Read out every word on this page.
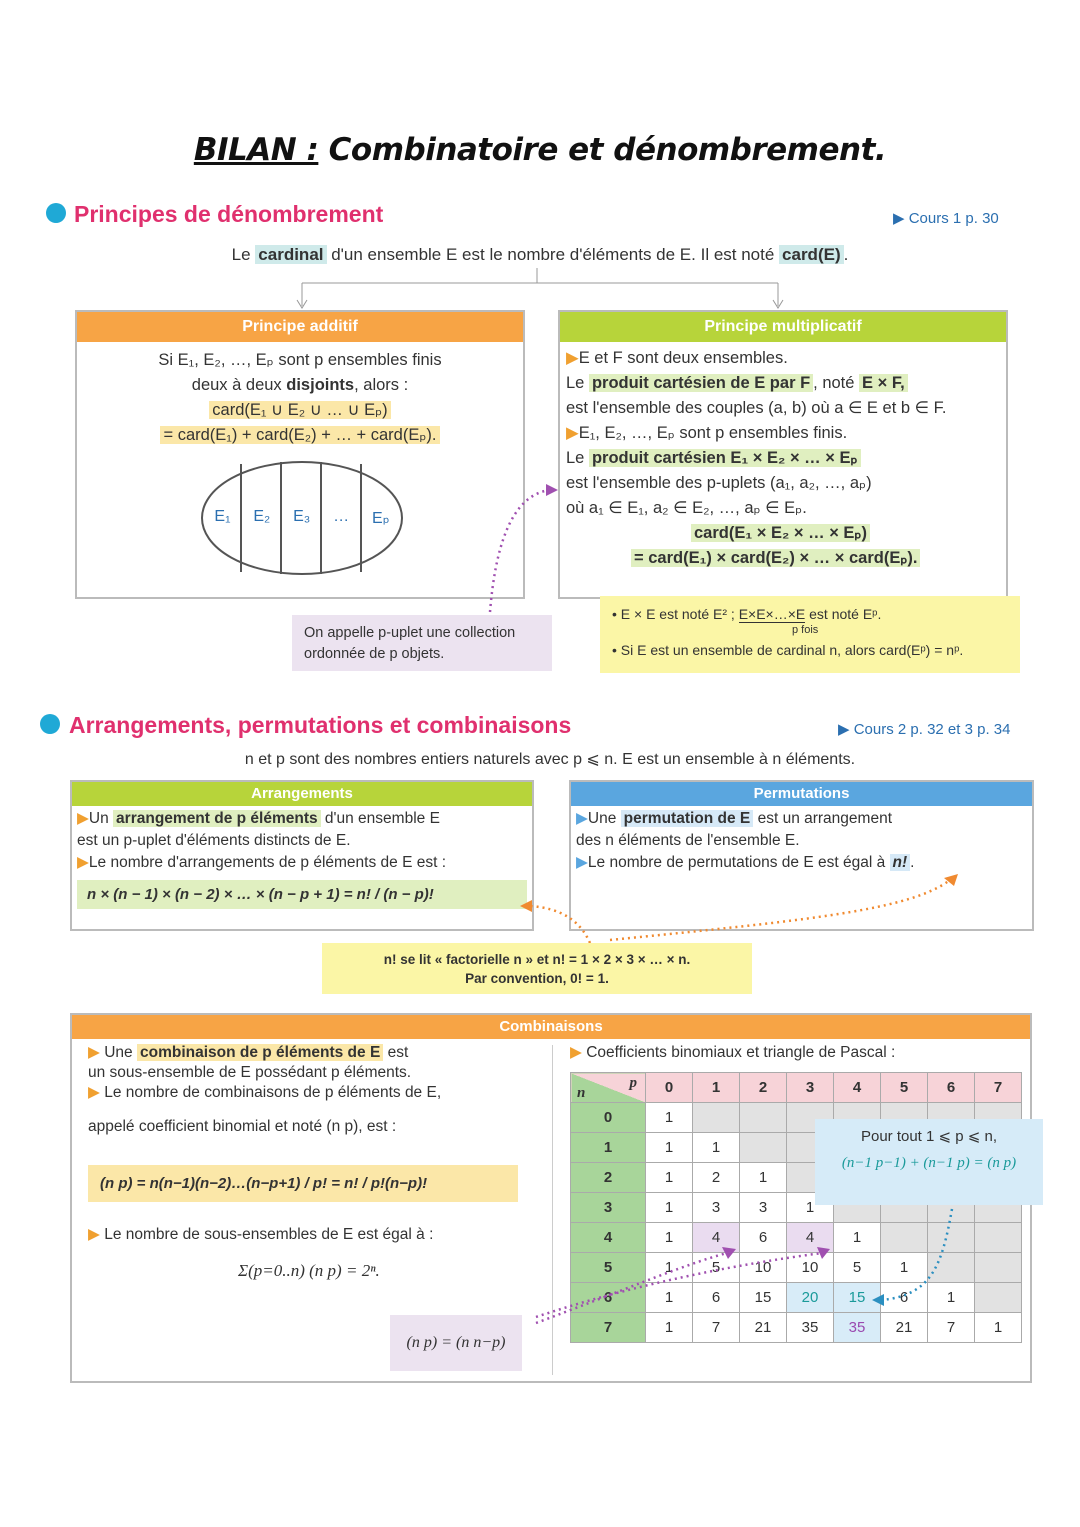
BILAN : Combinatoire et dénombrement.
Principes de dénombrement	▶ Cours 1 p. 30
Le cardinal d'un ensemble E est le nombre d'éléments de E. Il est noté card(E) .
Principe additif
Si E₁, E₂, …, Eₚ sont p ensembles finis
deux à deux disjoints, alors :
card(E₁ ∪ E₂ ∪ … ∪ Eₚ)
= card(E₁) + card(E₂) + … + card(Eₚ).
E₁ E₂ E₃ … Eₚ
Principe multiplicatif
▶E et F sont deux ensembles.
Le produit cartésien de E par F , noté E × F,
est l'ensemble des couples (a, b) où a ∈ E et b ∈ F.
▶E₁, E₂, …, Eₚ sont p ensembles finis.
Le produit cartésien E₁ × E₂ × … × Eₚ
est l'ensemble des p-uplets (a₁, a₂, …, aₚ)
où a₁ ∈ E₁, a₂ ∈ E₂, …, aₚ ∈ Eₚ.
card(E₁ × E₂ × … × Eₚ)
= card(E₁) × card(E₂) × … × card(Eₚ).
On appelle p-uplet une collection
ordonnée de p objets.
• E × E est noté E² ; E×E×…×E est noté Eᵖ.
p fois
• Si E est un ensemble de cardinal n, alors card(Eᵖ) = nᵖ.
Arrangements, permutations et combinaisons	▶ Cours 2 p. 32 et 3 p. 34
n et p sont des nombres entiers naturels avec p ⩽ n. E est un ensemble à n éléments.
Arrangements
▶Un arrangement de p éléments d'un ensemble E
est un p-uplet d'éléments distincts de E.
▶Le nombre d'arrangements de p éléments de E est :
n × (n − 1) × (n − 2) × … × (n − p + 1) = n! / (n − p)!
Permutations
▶Une permutation de E est un arrangement
des n éléments de l'ensemble E.
▶Le nombre de permutations de E est égal à n! .
n! se lit « factorielle n » et n! = 1 × 2 × 3 × … × n.
Par convention, 0! = 1.
Combinaisons
▶ Une combinaison de p éléments de E est
un sous-ensemble de E possédant p éléments.
▶ Le nombre de combinaisons de p éléments de E,
appelé coefficient binomial et noté (n p), est :
(n p) = n(n−1)(n−2)…(n−p+1) / p! = n! / p!(n−p)!
▶ Le nombre de sous-ensembles de E est égal à :
Σ(p=0..n) (n p) = 2ⁿ.
(n p) = (n n−p)
▶ Coefficients binomiaux et triangle de Pascal :
p
n	0	1	2	3	4	5	6	7
0	1							
1	1	1						
2	1	2	1					
3	1	3	3	1				
4	1	4	6	4	1			
5	1	5	10	10	5	1		
6	1	6	15	20	15	6	1	
7	1	7	21	35	35	21	7	1
Pour tout 1 ⩽ p ⩽ n,
(n−1 p−1) + (n−1 p) = (n p)
